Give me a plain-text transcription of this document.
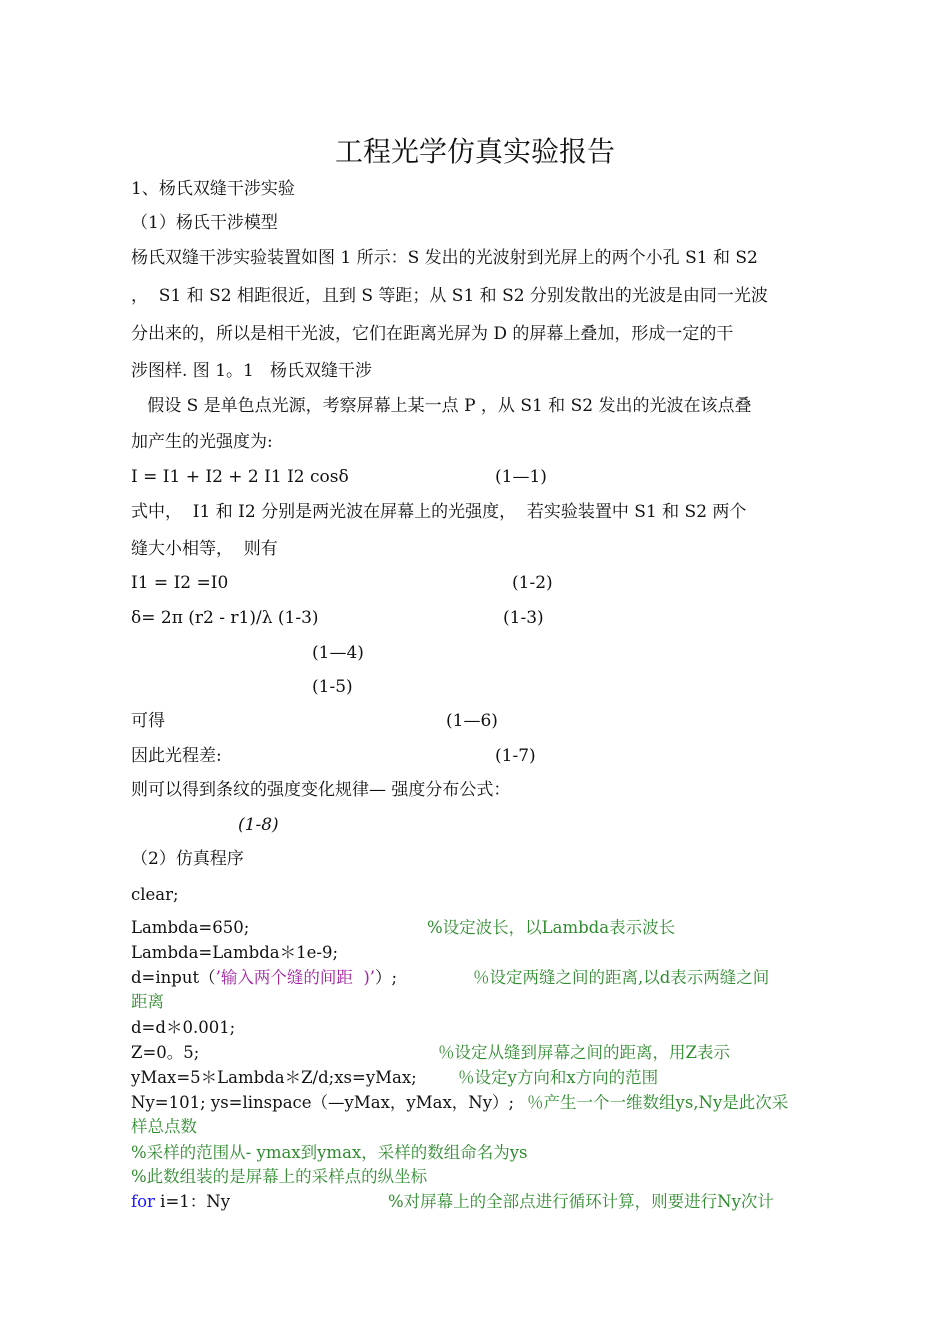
工程光学仿真实验报告
1、杨氏双缝干涉实验
（1）杨氏干涉模型
杨氏双缝干涉实验装置如图 1 所示：S 发出的光波射到光屏上的两个小孔 S1 和 S2
，  S1 和 S2 相距很近，且到 S 等距；从 S1 和 S2 分别发散出的光波是由同一光波
分出来的，所以是相干光波，它们在距离光屏为 D 的屏幕上叠加，形成一定的干
涉图样. 图 1。1   杨氏双缝干涉
假设 S 是单色点光源，考察屏幕上某一点 P ，从 S1 和 S2 发出的光波在该点叠
加产生的光强度为:
I = I1 + I2 + 2 I1 I2 cosδ	(1—1)
式中，  I1 和 I2 分别是两光波在屏幕上的光强度，  若实验装置中 S1 和 S2 两个
缝大小相等，  则有
I1 = I2 =I0	(1-2)
δ= 2π (r2 - r1)/λ (1-3)	(1-3)
(1—4)
(1-5)
可得	(1—6)
因此光程差:	(1-7)
则可以得到条纹的强度变化规律— 强度分布公式：
(1-8)
（2）仿真程序
clear;
Lambda=650;	%设定波长，以Lambda表示波长
Lambda=Lambda＊1e-9;
d=input（’输入两个缝的间距  )’）;	％设定两缝之间的距离,以d表示两缝之间
距离
d=d＊0.001;
Z=0。5;	％设定从缝到屏幕之间的距离，用Z表示
yMax=5＊Lambda＊Z/d;xs=yMax;	％设定y方向和x方向的范围
Ny=101; ys=linspace（—yMax，yMax，Ny）; ％产生一个一维数组ys,Ny是此次采
样总点数
%采样的范围从- ymax到ymax，采样的数组命名为ys
%此数组装的是屏幕上的采样点的纵坐标
for i=1：Ny	%对屏幕上的全部点进行循环计算，则要进行Ny次计
